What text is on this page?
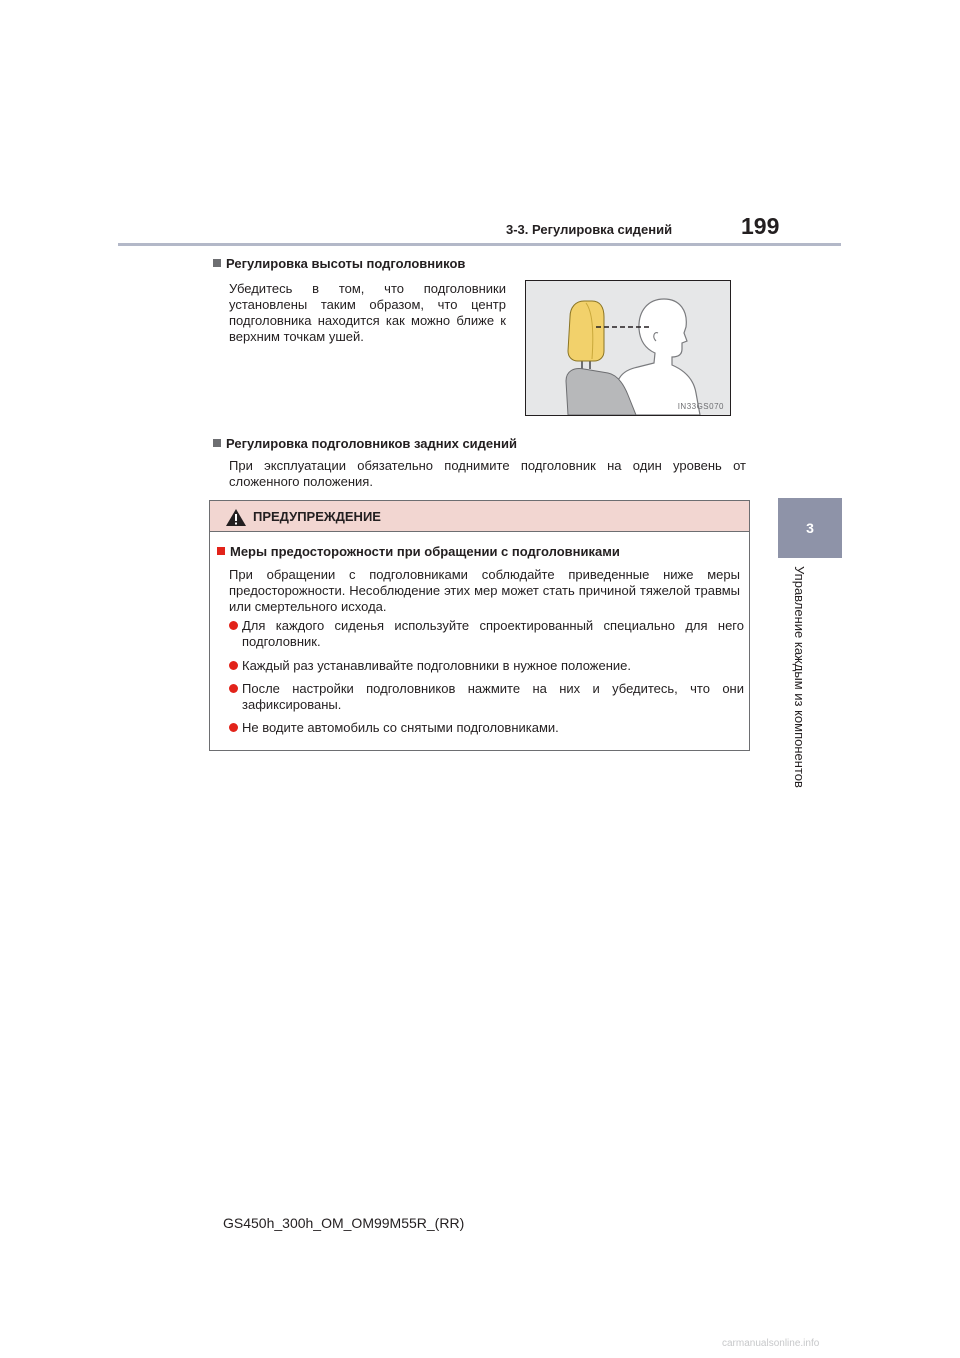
3-3. Регулировка сидений	199
3
Управление каждым из компонентов
Регулировка высоты подголовников
Убедитесь в том, что подголовники установлены таким образом, что центр подголовника находится как можно ближе к верхним точкам ушей.
IN33GS070
Регулировка подголовников задних сидений
При эксплуатации обязательно поднимите подголовник на один уровень от сложенного положения.
ПРЕДУПРЕЖДЕНИЕ
Меры предосторожности при обращении с подголовниками
При обращении с подголовниками соблюдайте приведенные ниже меры предосторожности. Несоблюдение этих мер может стать причиной тяжелой травмы или смертельного исхода.
Для каждого сиденья используйте спроектированный специально для него подголовник.
Каждый раз устанавливайте подголовники в нужное положение.
После настройки подголовников нажмите на них и убедитесь, что они зафиксированы.
Не водите автомобиль со снятыми подголовниками.
GS450h_300h_OM_OM99M55R_(RR)
carmanualsonline.info
